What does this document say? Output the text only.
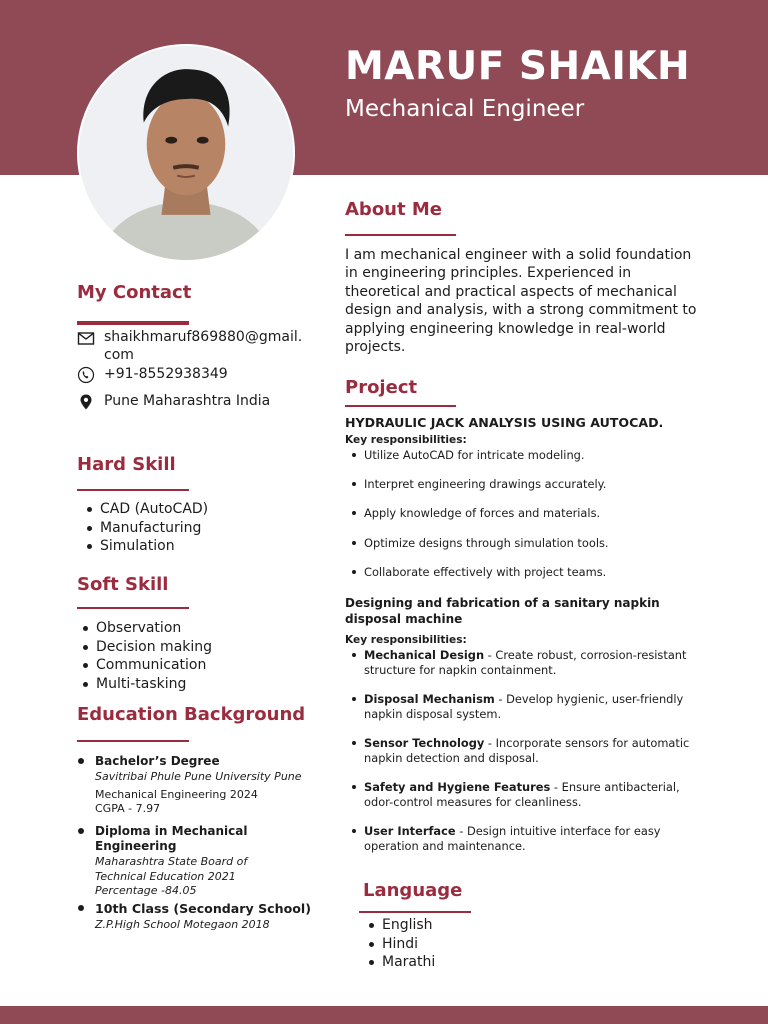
MARUF SHAIKH
Mechanical Engineer
My Contact
shaikhmaruf869880@gmail.
com
+91-8552938349
Pune Maharashtra India
Hard Skill
CAD (AutoCAD)
Manufacturing
Simulation
Soft Skill
Observation
Decision making
Communication
Multi-tasking
Education Background
Bachelor’s Degree
Savitribai Phule Pune University Pune
Mechanical Engineering 2024
CGPA - 7.97
Diploma in Mechanical Engineering
Maharashtra State Board of
Technical Education 2021
Percentage -84.05
10th Class (Secondary School)
Z.P.High School Motegaon 2018
About Me
I am mechanical engineer with a solid foundation
in engineering principles. Experienced in
theoretical and practical aspects of mechanical
design and analysis, with a strong commitment to
applying engineering knowledge in real-world
projects.
Project
HYDRAULIC JACK ANALYSIS USING AUTOCAD.
Key responsibilities:
Utilize AutoCAD for intricate modeling.
Interpret engineering drawings accurately.
Apply knowledge of forces and materials.
Optimize designs through simulation tools.
Collaborate effectively with project teams.
Designing and fabrication of a sanitary napkin
disposal machine
Key responsibilities:
Mechanical Design - Create robust, corrosion-resistant
structure for napkin containment.
Disposal Mechanism - Develop hygienic, user-friendly
napkin disposal system.
Sensor Technology - Incorporate sensors for automatic
napkin detection and disposal.
Safety and Hygiene Features - Ensure antibacterial,
odor-control measures for cleanliness.
User Interface - Design intuitive interface for easy
operation and maintenance.
Language
English
Hindi
Marathi
